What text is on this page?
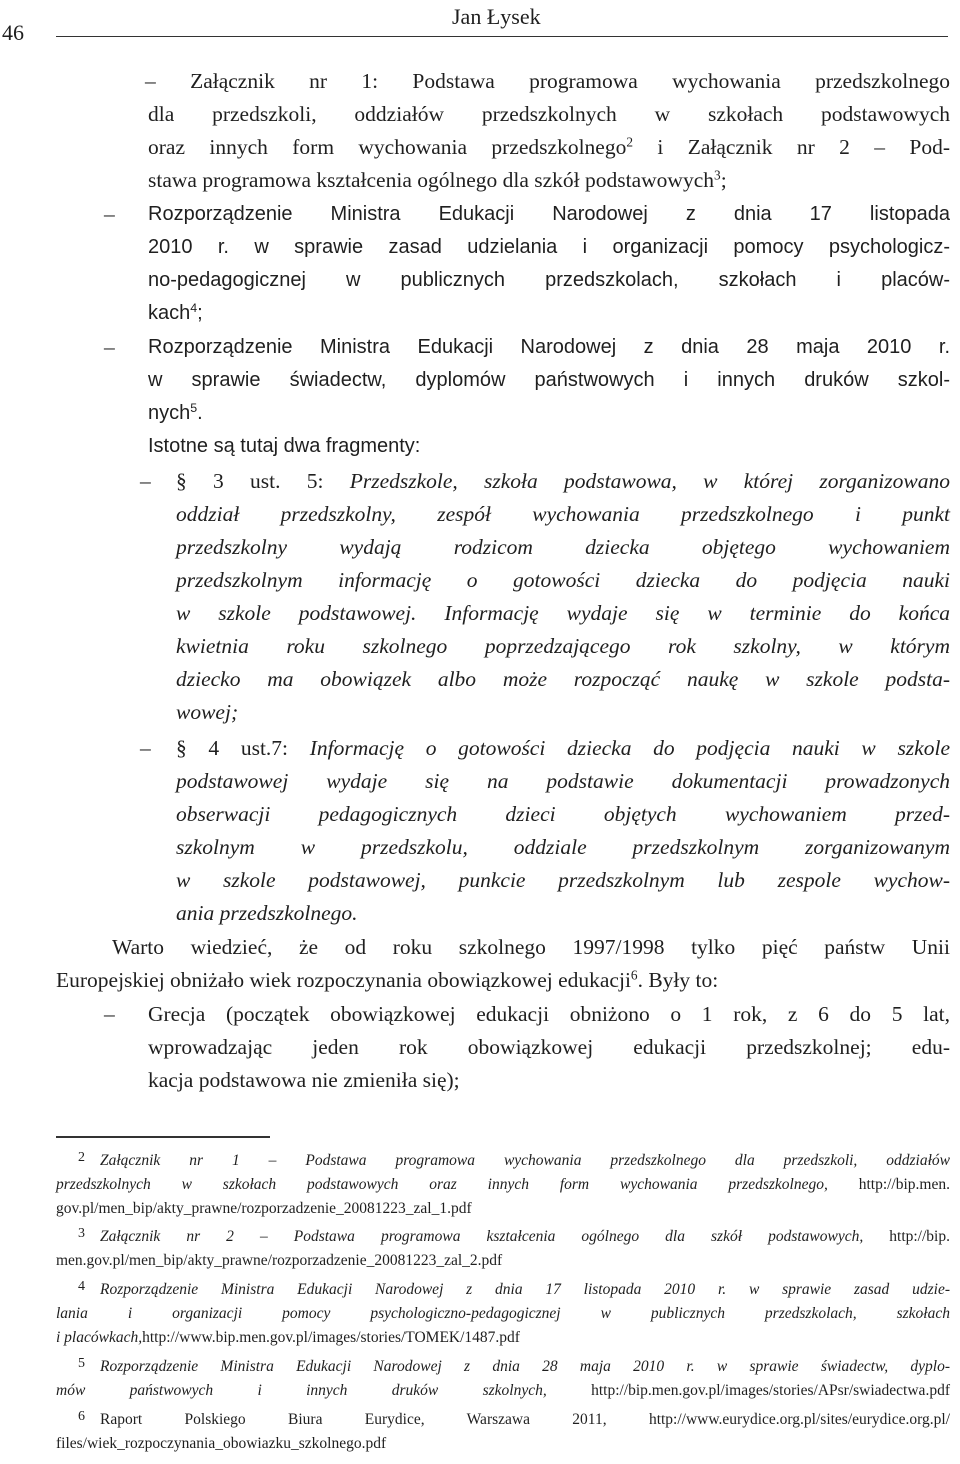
46
Jan Łysek
– Załącznik nr 1: Podstawa programowa wychowania przedszkolnego
dla przedszkoli, oddziałów przedszkolnych w szkołach podstawowych
oraz innych form wychowania przedszkolnego$^2$ i Załącznik nr 2 – Pod-
stawa programowa kształcenia ogólnego dla szkół podstawowych$^3$;
– Rozporządzenie Ministra Edukacji Narodowej z dnia 17 listopada
2010 r. w sprawie zasad udzielania i organizacji pomocy psychologicz-
no-pedagogicznej w publicznych przedszkolach, szkołach i placów-
kach$^4$;
– Rozporządzenie Ministra Edukacji Narodowej z dnia 28 maja 2010 r.
w sprawie świadectw, dyplomów państwowych i innych druków szkol-
nych$^5$.
Istotne są tutaj dwa fragmenty:
– § 3 ust. 5: Przedszkole, szkoła podstawowa, w której zorganizowano
oddział przedszkolny, zespół wychowania przedszkolnego i punkt
przedszkolny wydają rodzicom dziecka objętego wychowaniem
przedszkolnym informację o gotowości dziecka do podjęcia nauki
w szkole podstawowej. Informację wydaje się w terminie do końca
kwietnia roku szkolnego poprzedzającego rok szkolny, w którym
dziecko ma obowiązek albo może rozpocząć naukę w szkole podsta-
wowej;
– § 4 ust.7: Informację o gotowości dziecka do podjęcia nauki w szkole
podstawowej wydaje się na podstawie dokumentacji prowadzonych
obserwacji pedagogicznych dzieci objętych wychowaniem przed-
szkolnym w przedszkolu, oddziale przedszkolnym zorganizowanym
w szkole podstawowej, punkcie przedszkolnym lub zespole wychow-
ania przedszkolnego.
Warto wiedzieć, że od roku szkolnego 1997/1998 tylko pięć państw Unii
Europejskiej obniżało wiek rozpoczynania obowiązkowej edukacji$^6$. Były to:
– Grecja (początek obowiązkowej edukacji obniżono o 1 rok, z 6 do 5 lat,
wprowadzając jeden rok obowiązkowej edukacji przedszkolnej; edu-
kacja podstawowa nie zmieniła się);
2 Załącznik nr 1 – Podstawa programowa wychowania przedszkolnego dla przedszkoli, oddziałów
przedszkolnych w szkołach podstawowych oraz innych form wychowania przedszkolnego, http://bip.men.
gov.pl/men_bip/akty_prawne/rozporzadzenie_20081223_zal_1.pdf
3 Załącznik nr 2 – Podstawa programowa kształcenia ogólnego dla szkół podstawowych, http://bip.
men.gov.pl/men_bip/akty_prawne/rozporzadzenie_20081223_zal_2.pdf
4 Rozporządzenie Ministra Edukacji Narodowej z dnia 17 listopada 2010 r. w sprawie zasad udzie-
lania i organizacji pomocy psychologiczno-pedagogicznej w publicznych przedszkolach, szkołach
i placówkach,http://www.bip.men.gov.pl/images/stories/TOMEK/1487.pdf
5 Rozporządzenie Ministra Edukacji Narodowej z dnia 28 maja 2010 r. w sprawie świadectw, dyplo-
mów państwowych i innych druków szkolnych, http://bip.men.gov.pl/images/stories/APsr/swiadectwa.pdf
6 Raport Polskiego Biura Eurydice, Warszawa 2011, http://www.eurydice.org.pl/sites/eurydice.org.pl/
files/wiek_rozpoczynania_obowiazku_szkolnego.pdf
